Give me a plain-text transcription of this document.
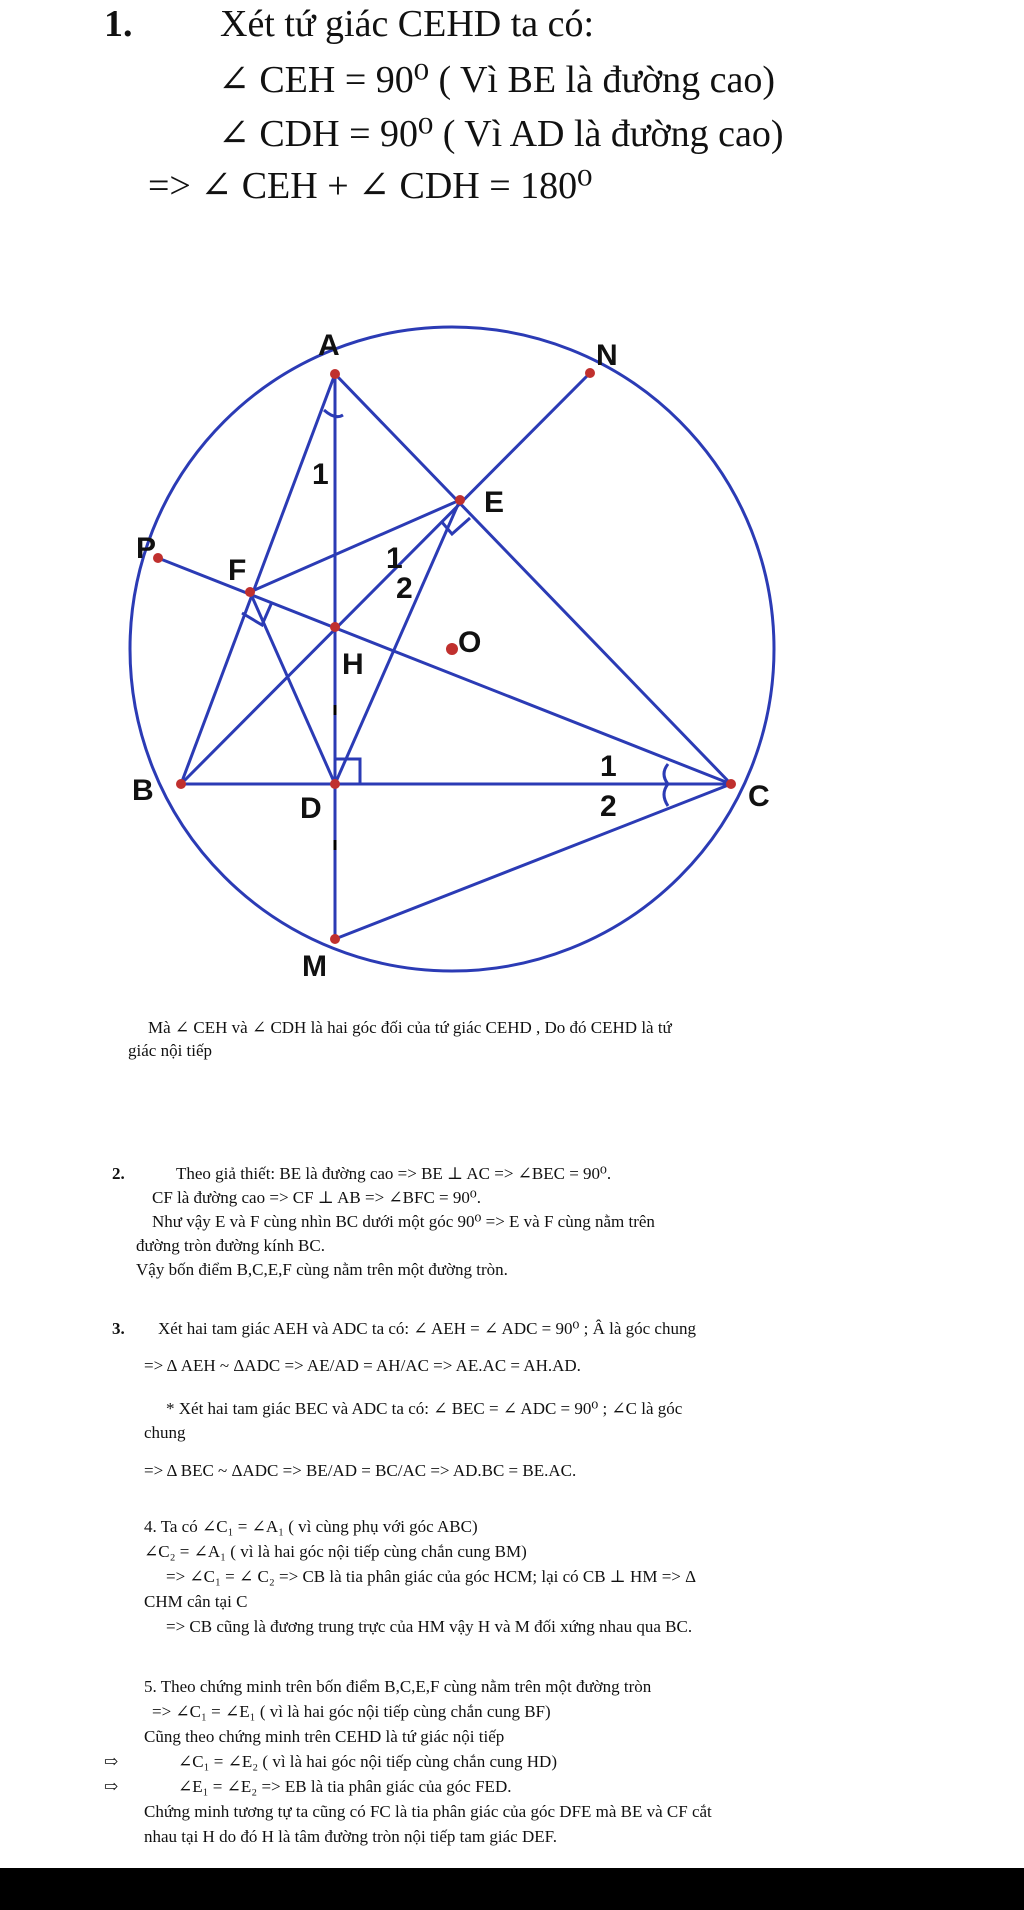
1. Xét tứ giác CEHD ta có:
∠ CEH = 90⁰ ( Vì BE là đường cao)
∠ CDH = 90⁰ ( Vì AD là đường cao)
=> ∠ CEH + ∠ CDH = 180⁰
A	N
E
P
F
O
H
B
D	C
M
1
1
2
1
2
Mà ∠ CEH và ∠ CDH là hai góc đối của tứ giác CEHD , Do đó CEHD là tứ
giác nội tiếp
2.	Theo giả thiết: BE là đường cao => BE ⊥ AC => ∠BEC = 90⁰.
CF là đường cao => CF ⊥ AB => ∠BFC = 90⁰.
Như vậy E và F cùng nhìn BC dưới một góc 90⁰ => E và F cùng nằm trên
đường tròn đường kính BC.
Vậy bốn điểm B,C,E,F cùng nằm trên một đường tròn.
3. Xét hai tam giác AEH và ADC ta có: ∠ AEH = ∠ ADC = 90⁰ ; Â là góc chung
=> Δ AEH ~ ΔADC => AE/AD = AH/AC => AE.AC = AH.AD.
* Xét hai tam giác BEC và ADC ta có: ∠ BEC = ∠ ADC = 90⁰ ; ∠C là góc
chung
=> Δ BEC ~ ΔADC => BE/AD = BC/AC => AD.BC = BE.AC.
4. Ta có ∠C₁ = ∠A₁ ( vì cùng phụ với góc ABC)
∠C₂ = ∠A₁ ( vì là hai góc nội tiếp cùng chắn cung BM)
=> ∠C₁ = ∠ C₂ => CB là tia phân giác của góc HCM; lại có CB ⊥ HM => Δ
CHM cân tại C
=> CB cũng là đương trung trực của HM vậy H và M đối xứng nhau qua BC.
5. Theo chứng minh trên bốn điểm B,C,E,F cùng nằm trên một đường tròn
=> ∠C₁ = ∠E₁ ( vì là hai góc nội tiếp cùng chắn cung BF)
Cũng theo chứng minh trên CEHD là tứ giác nội tiếp
⇨	∠C₁ = ∠E₂ ( vì là hai góc nội tiếp cùng chắn cung HD)
⇨	∠E₁ = ∠E₂ => EB là tia phân giác của góc FED.
Chứng minh tương tự ta cũng có FC là tia phân giác của góc DFE mà BE và CF cắt
nhau tại H do đó H là tâm đường tròn nội tiếp tam giác DEF.
